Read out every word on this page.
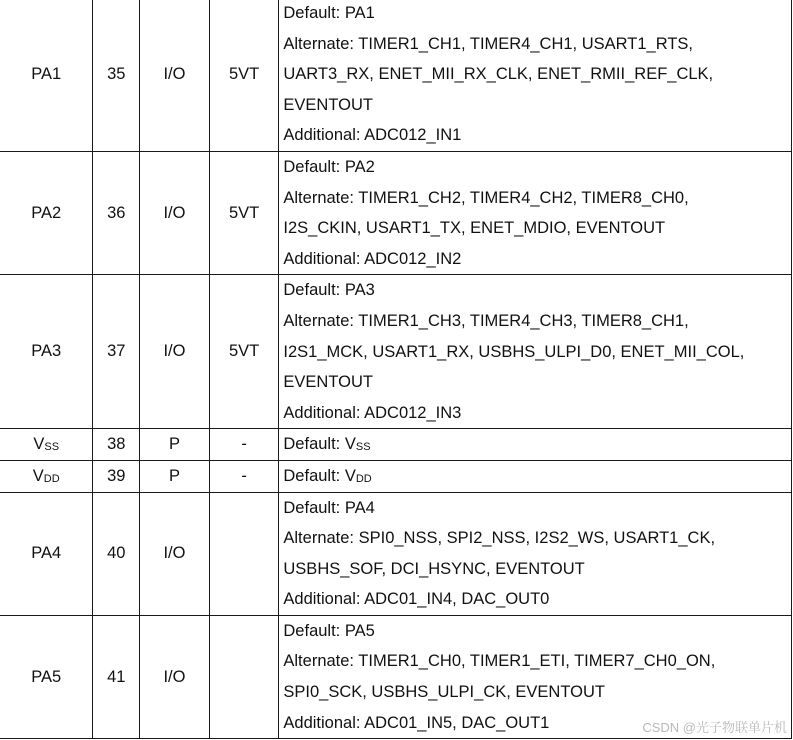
PA1	35	I/O	5VT	Default: PA1
Alternate: TIMER1_CH1, TIMER4_CH1, USART1_RTS,
UART3_RX, ENET_MII_RX_CLK, ENET_RMII_REF_CLK,
EVENTOUT
Additional: ADC012_IN1

PA2	36	I/O	5VT	Default: PA2
Alternate: TIMER1_CH2, TIMER4_CH2, TIMER8_CH0,
I2S_CKIN, USART1_TX, ENET_MDIO, EVENTOUT
Additional: ADC012_IN2

PA3	37	I/O	5VT	Default: PA3
Alternate: TIMER1_CH3, TIMER4_CH3, TIMER8_CH1,
I2S1_MCK, USART1_RX, USBHS_ULPI_D0, ENET_MII_COL,
EVENTOUT
Additional: ADC012_IN3

$V_{SS}$	38	P	-	Default: $V_{SS}$

$V_{DD}$	39	P	-	Default: $V_{DD}$

PA4	40	I/O		Default: PA4
Alternate: SPI0_NSS, SPI2_NSS, I2S2_WS, USART1_CK,
USBHS_SOF, DCI_HSYNC, EVENTOUT
Additional: ADC01_IN4, DAC_OUT0

PA5	41	I/O		Default: PA5
Alternate: TIMER1_CH0, TIMER1_ETI, TIMER7_CH0_ON,
SPI0_SCK, USBHS_ULPI_CK, EVENTOUT
Additional: ADC01_IN5, DAC_OUT1	CSDN @光子物联单片机
